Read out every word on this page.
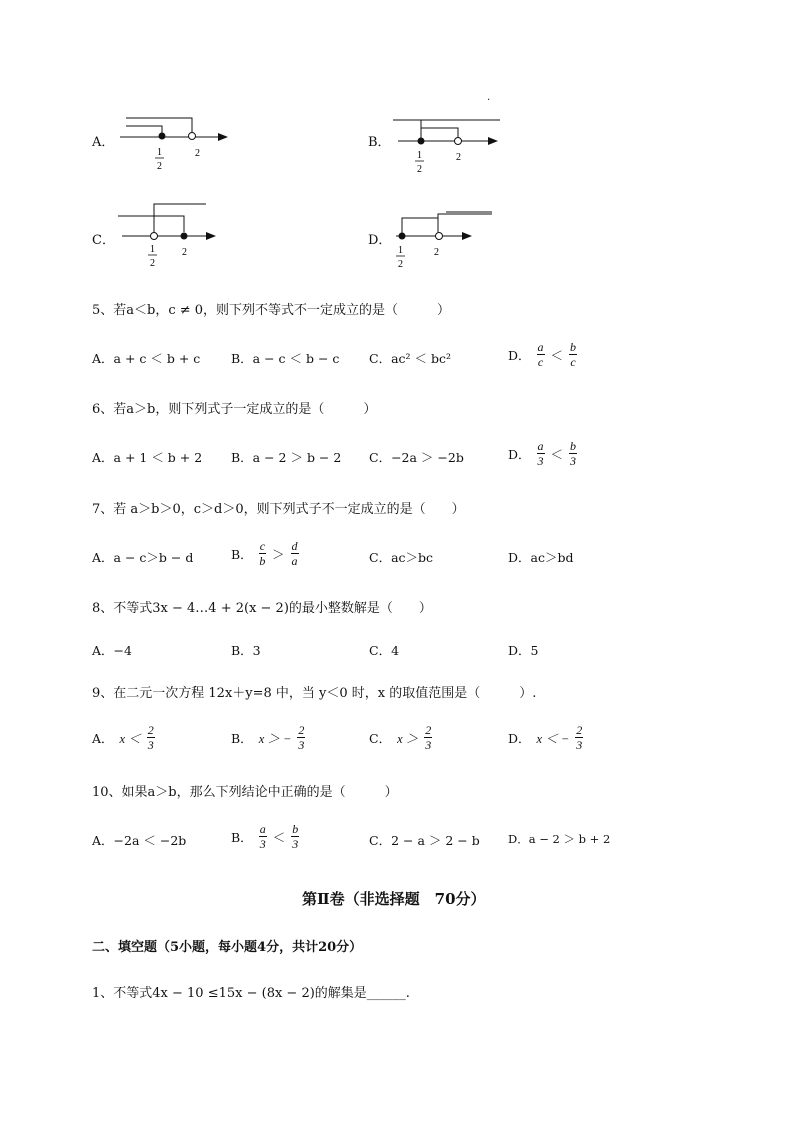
.
A．
1
2
2
B．
1
2
2
C．
1
2
2
D．
1
2
2
5、若a＜b，c ≠ 0，则下列不等式不一定成立的是（　　　）
A．a + c ＜ b + c B．a − c ＜ b − c C．ac² ＜ bc²	D． $\frac{a}{c} < \frac{b}{c}$
6、若a＞b，则下列式子一定成立的是（　　　）
A．a + 1 ＜ b + 2 B．a − 2 ＞ b − 2 C．−2a ＞ −2b	D． $\frac{a}{3} < \frac{b}{3}$
7、若 a＞b＞0，c＞d＞0，则下列式子不一定成立的是（　　）
A．a − c＞b − d	B． $\frac{c}{b} > \frac{d}{a}$	C．ac＞bc	D．ac＞bd
8、不等式3x − 4…4 + 2(x − 2)的最小整数解是（　　）
A．−4	B．3	C．4	D．5
9、在二元一次方程 12x＋y=8 中，当 y＜0 时，x 的取值范围是（　　　）.
A． $x < \frac{2}{3}$	B． x ＞ − $\frac{2}{3}$	C． $x > \frac{2}{3}$	D． x ＜ − $\frac{2}{3}$
10、如果a＞b，那么下列结论中正确的是（　　　）
A．−2a ＜ −2b	B． $\frac{a}{3} < \frac{b}{3}$	C．2 − a ＞ 2 − b D．a − 2 ＞ b + 2
第Ⅱ卷（非选择题　70分）
二、填空题（5小题，每小题4分，共计20分）
1、不等式4x − 10 ≤15x − (8x − 2)的解集是______.
